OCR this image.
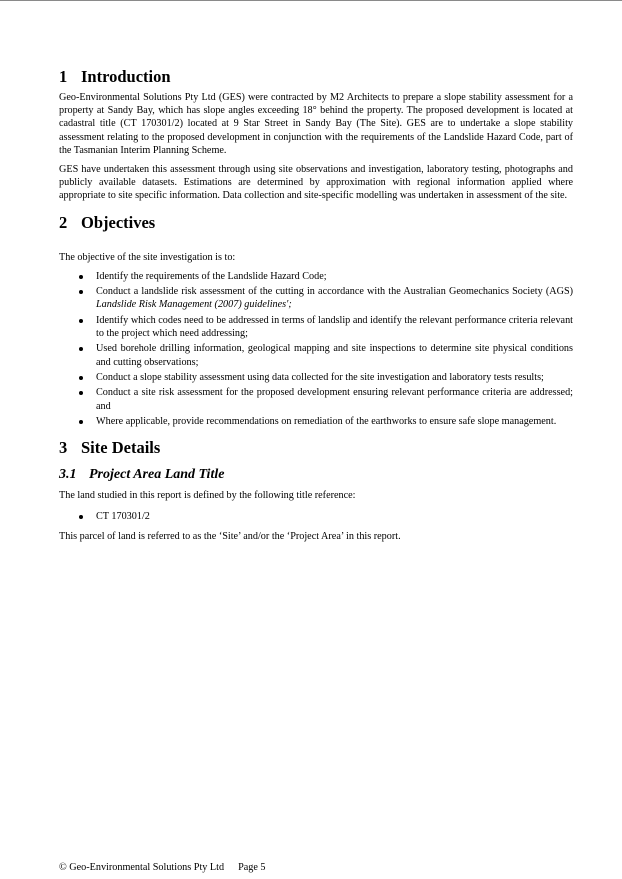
1 Introduction

Geo-Environmental Solutions Pty Ltd (GES) were contracted by M2 Architects to prepare a slope stability assessment for a property at Sandy Bay, which has slope angles exceeding 18° behind the property. The proposed development is located at cadastral title (CT 170301/2) located at 9 Star Street in Sandy Bay (The Site). GES are to undertake a slope stability assessment relating to the proposed development in conjunction with the requirements of the Landslide Hazard Code, part of the Tasmanian Interim Planning Scheme.

GES have undertaken this assessment through using site observations and investigation, laboratory testing, photographs and publicly available datasets. Estimations are determined by approximation with regional information applied where appropriate to site specific information. Data collection and site-specific modelling was undertaken in assessment of the site.

2 Objectives

The objective of the site investigation is to:

Identify the requirements of the Landslide Hazard Code;
Conduct a landslide risk assessment of the cutting in accordance with the Australian Geomechanics Society (AGS) Landslide Risk Management (2007) guidelines';
Identify which codes need to be addressed in terms of landslip and identify the relevant performance criteria relevant to the project which need addressing;
Used borehole drilling information, geological mapping and site inspections to determine site physical conditions and cutting observations;
Conduct a slope stability assessment using data collected for the site investigation and laboratory tests results;
Conduct a site risk assessment for the proposed development ensuring relevant performance criteria are addressed; and
Where applicable, provide recommendations on remediation of the earthworks to ensure safe slope management.
3 Site Details
3.1 Project Area Land Title

The land studied in this report is defined by the following title reference:

CT 170301/2

This parcel of land is referred to as the ‘Site’ and/or the ‘Project Area’ in this report.

© Geo-Environmental Solutions Pty Ltd Page 5
